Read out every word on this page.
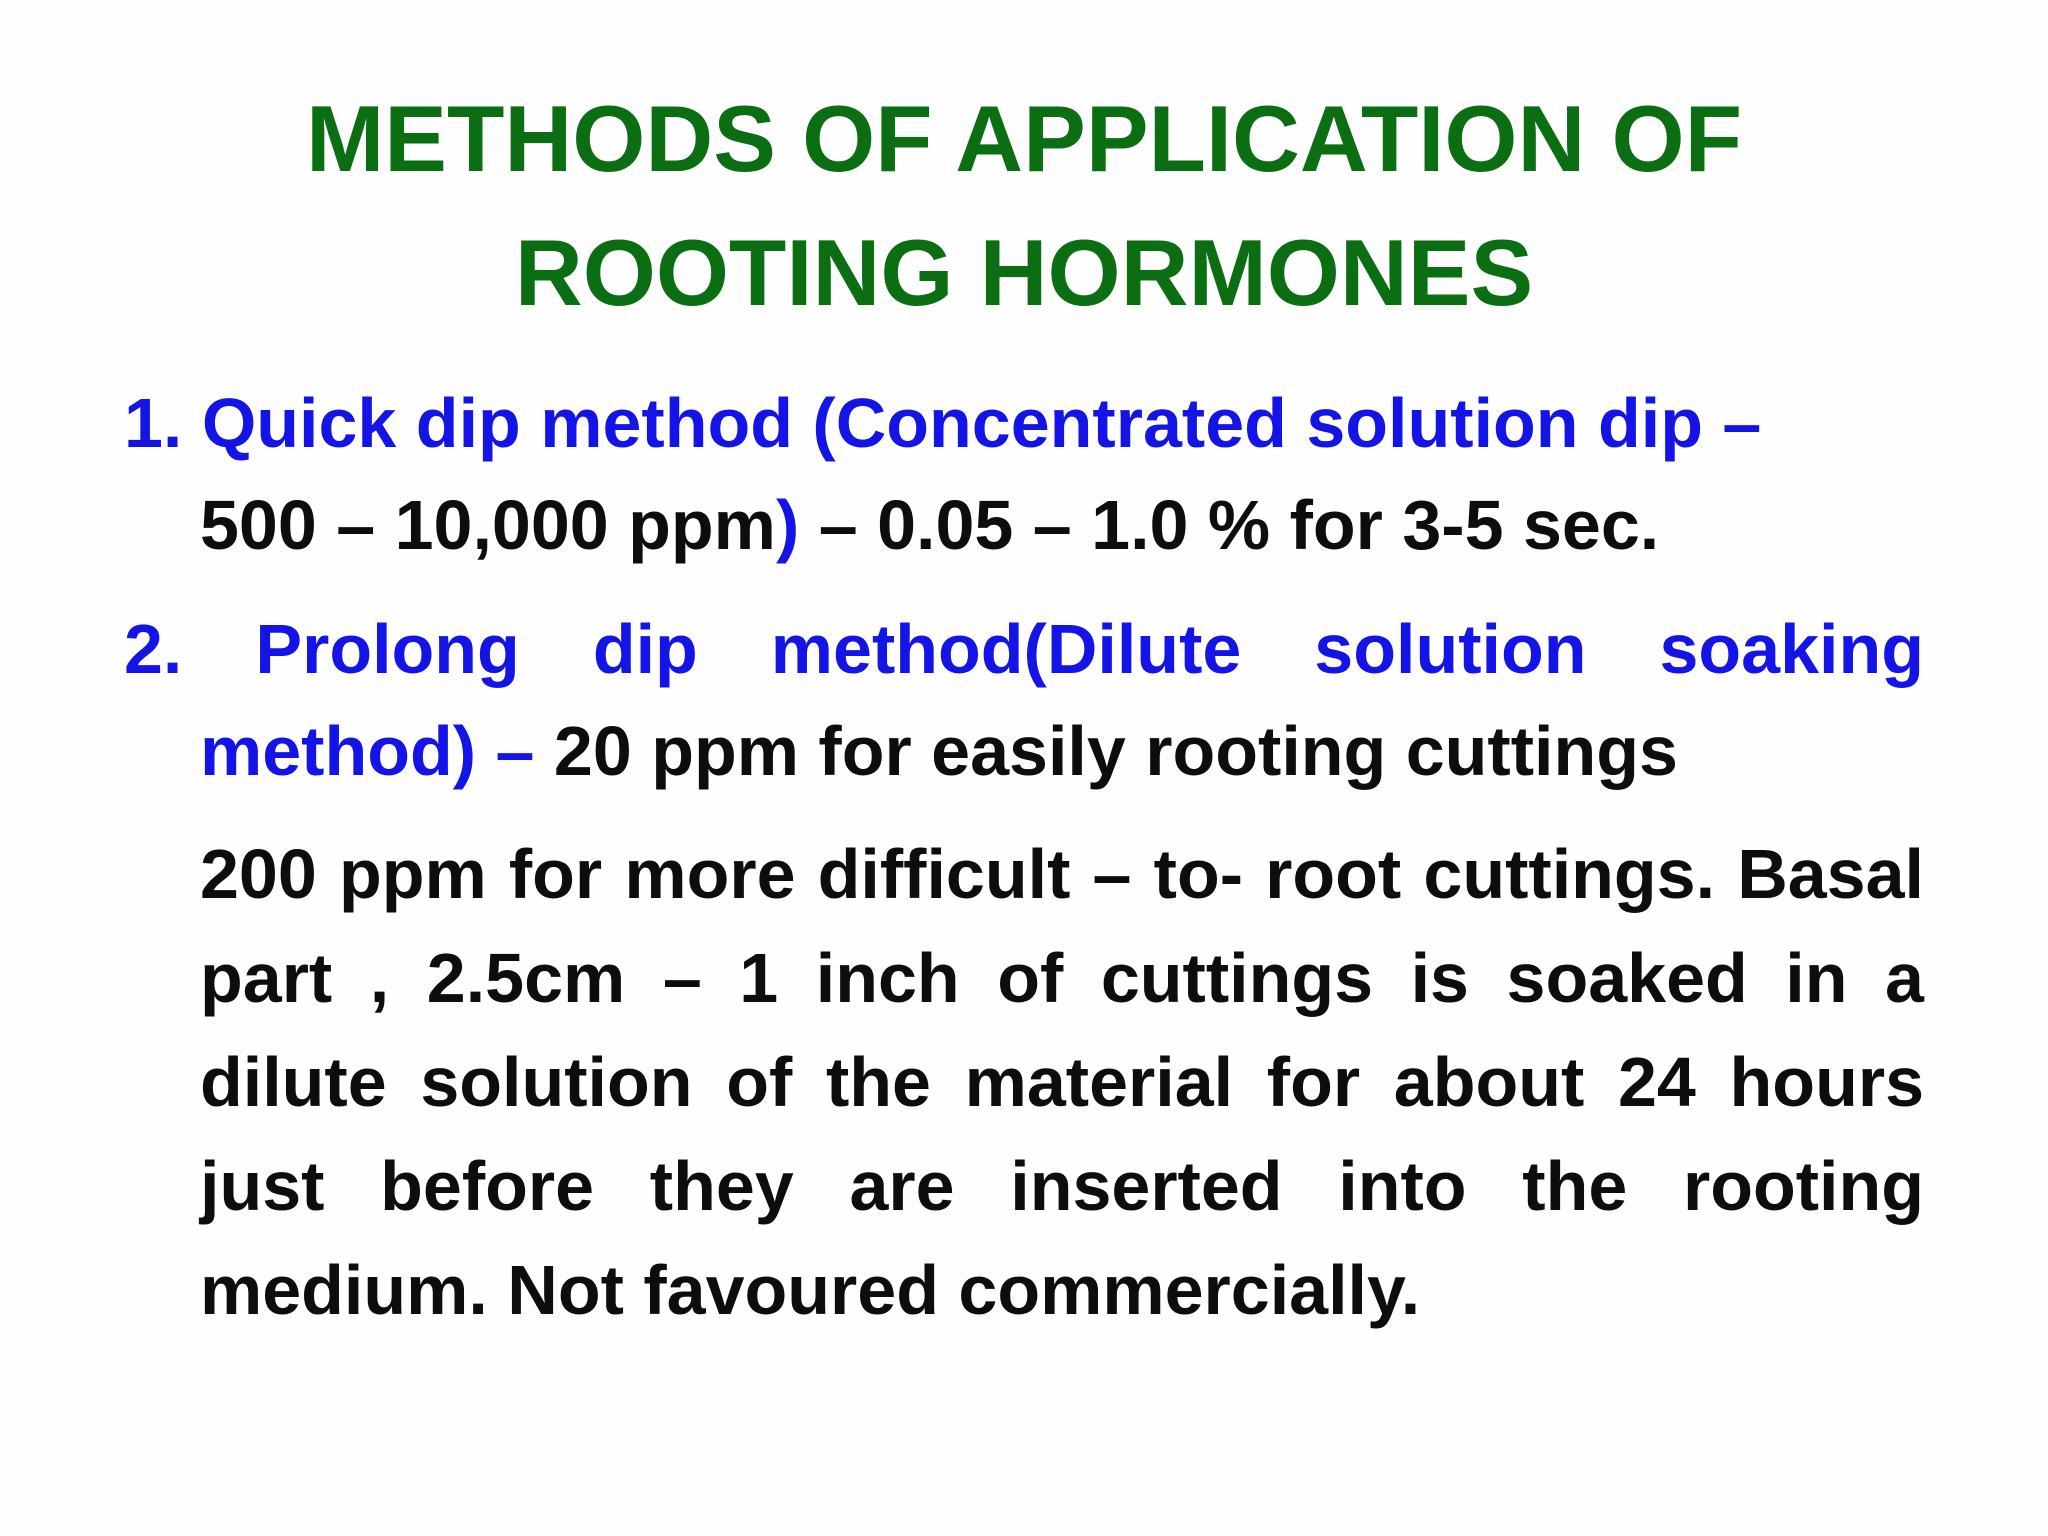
METHODS OF APPLICATION OF
ROOTING HORMONES
1. Quick dip method (Concentrated solution dip –
500 – 10,000 ppm) – 0.05 – 1.0 % for 3-5 sec.
2. Prolong dip method(Dilute solution soaking
method) – 20 ppm for easily rooting cuttings
200 ppm for more difficult – to- root cuttings. Basal part , 2.5cm – 1 inch of cuttings is soaked in a dilute solution of the material for about 24 hours just before they are inserted into the rooting medium. Not favoured commercially.
